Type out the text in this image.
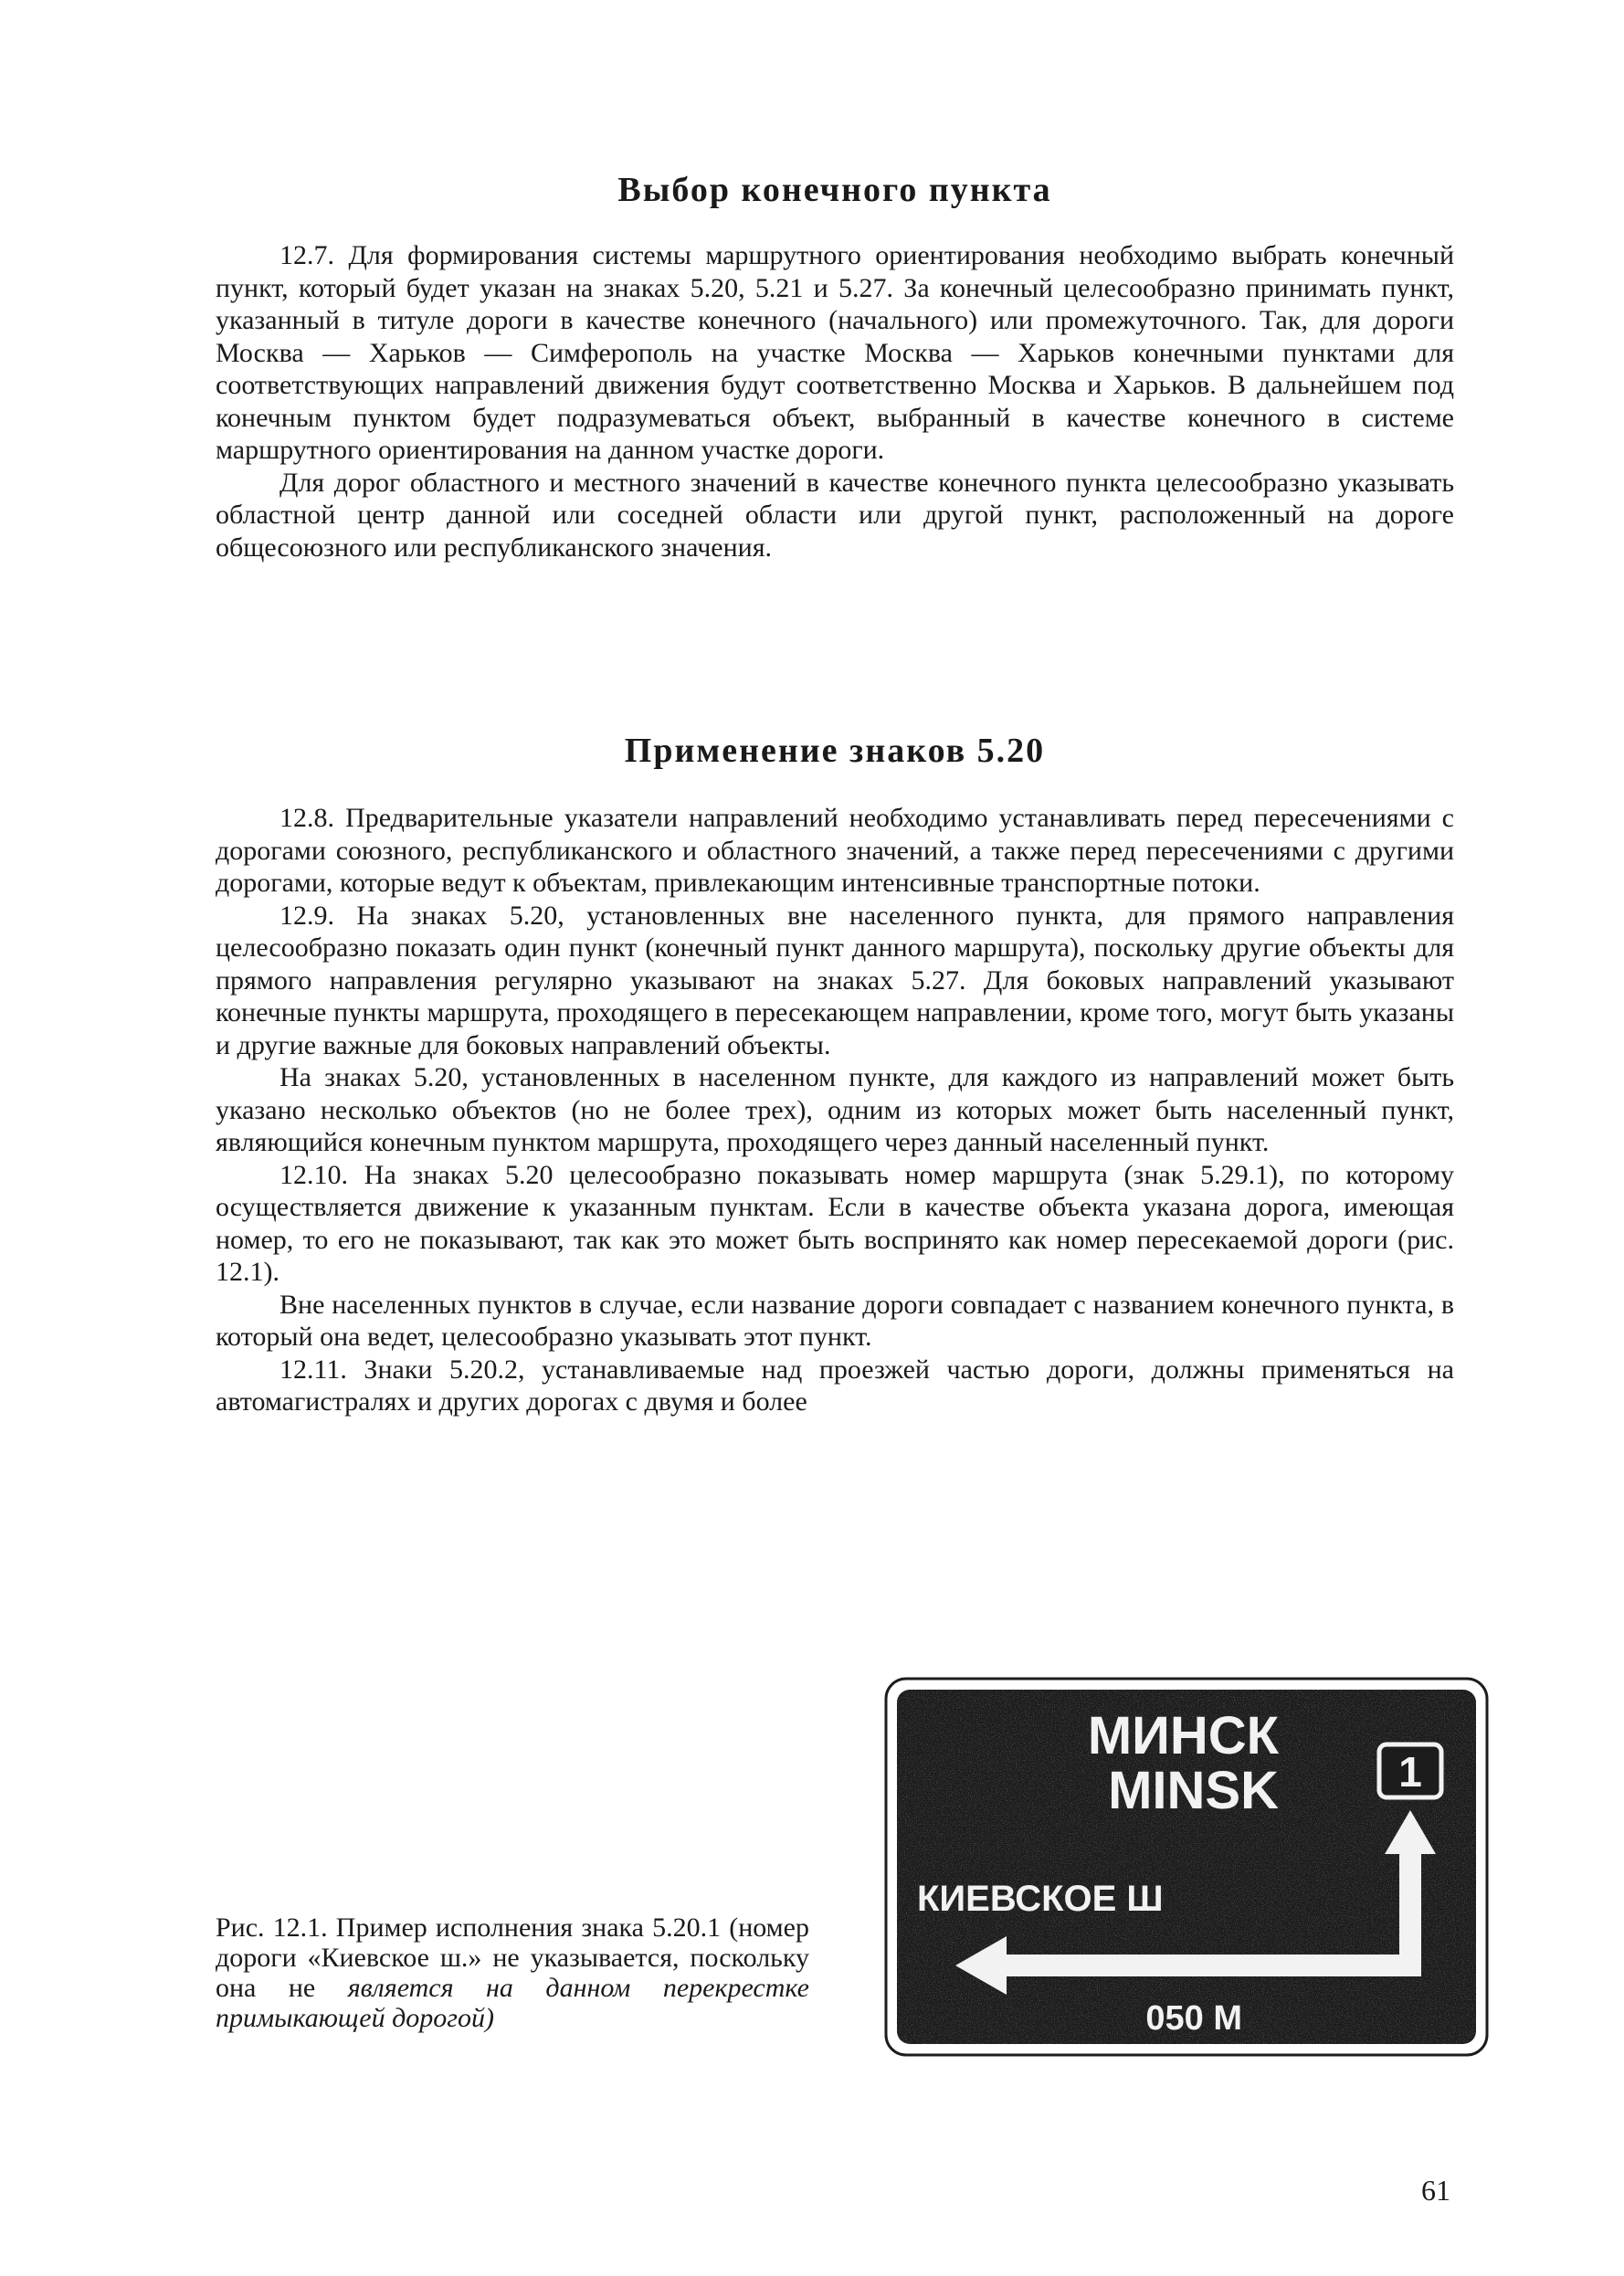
Выбор конечного пункта

12.7. Для формирования системы маршрутного ориентирования необходимо выбрать конечный пункт, который будет указан на знаках 5.20, 5.21 и 5.27. За конечный целесообразно принимать пункт, указанный в титуле дороги в качестве конечного (начального) или промежуточного. Так, для дороги Москва — Харьков — Симферополь на участке Москва — Харьков конечными пунктами для соответствующих направлений движения будут соответственно Москва и Харьков. В дальнейшем под конечным пунктом будет подразумеваться объект, выбранный в качестве конечного в системе маршрутного ориентирования на данном участке дороги.

Для дорог областного и местного значений в качестве конечного пункта целесообразно указывать областной центр данной или соседней области или другой пункт, расположенный на дороге общесоюзного или республиканского значения.

Применение знаков 5.20

12.8. Предварительные указатели направлений необходимо устанавливать перед пересечениями с дорогами союзного, республиканского и областного значений, а также перед пересечениями с другими дорогами, которые ведут к объектам, привлекающим интенсивные транспортные потоки.

12.9. На знаках 5.20, установленных вне населенного пункта, для прямого направления целесообразно показать один пункт (конечный пункт данного маршрута), поскольку другие объекты для прямого направления регулярно указывают на знаках 5.27. Для боковых направлений указывают конечные пункты маршрута, проходящего в пересекающем направлении, кроме того, могут быть указаны и другие важные для боковых направлений объекты.

На знаках 5.20, установленных в населенном пункте, для каждого из направлений может быть указано несколько объектов (но не более трех), одним из которых может быть населенный пункт, являющийся конечным пунктом маршрута, проходящего через данный населенный пункт.

12.10. На знаках 5.20 целесообразно показывать номер маршрута (знак 5.29.1), по которому осуществляется движение к указанным пунктам. Если в качестве объекта указана дорога, имеющая номер, то его не показывают, так как это может быть воспринято как номер пересекаемой дороги (рис. 12.1).

Вне населенных пунктов в случае, если название дороги совпадает с названием конечного пункта, в который она ведет, целесообразно указывать этот пункт.

12.11. Знаки 5.20.2, устанавливаемые над проезжей частью дороги, должны применяться на автомагистралях и других дорогах с двумя и более

МИНСК
MINSK	1
КИЕВСКОЕ Ш
050 М
Рис. 12.1. Пример исполнения знака 5.20.1 (номер дороги «Киевское ш.» не указывается, поскольку она не является на данном перекрестке примыкающей дорогой)
61
